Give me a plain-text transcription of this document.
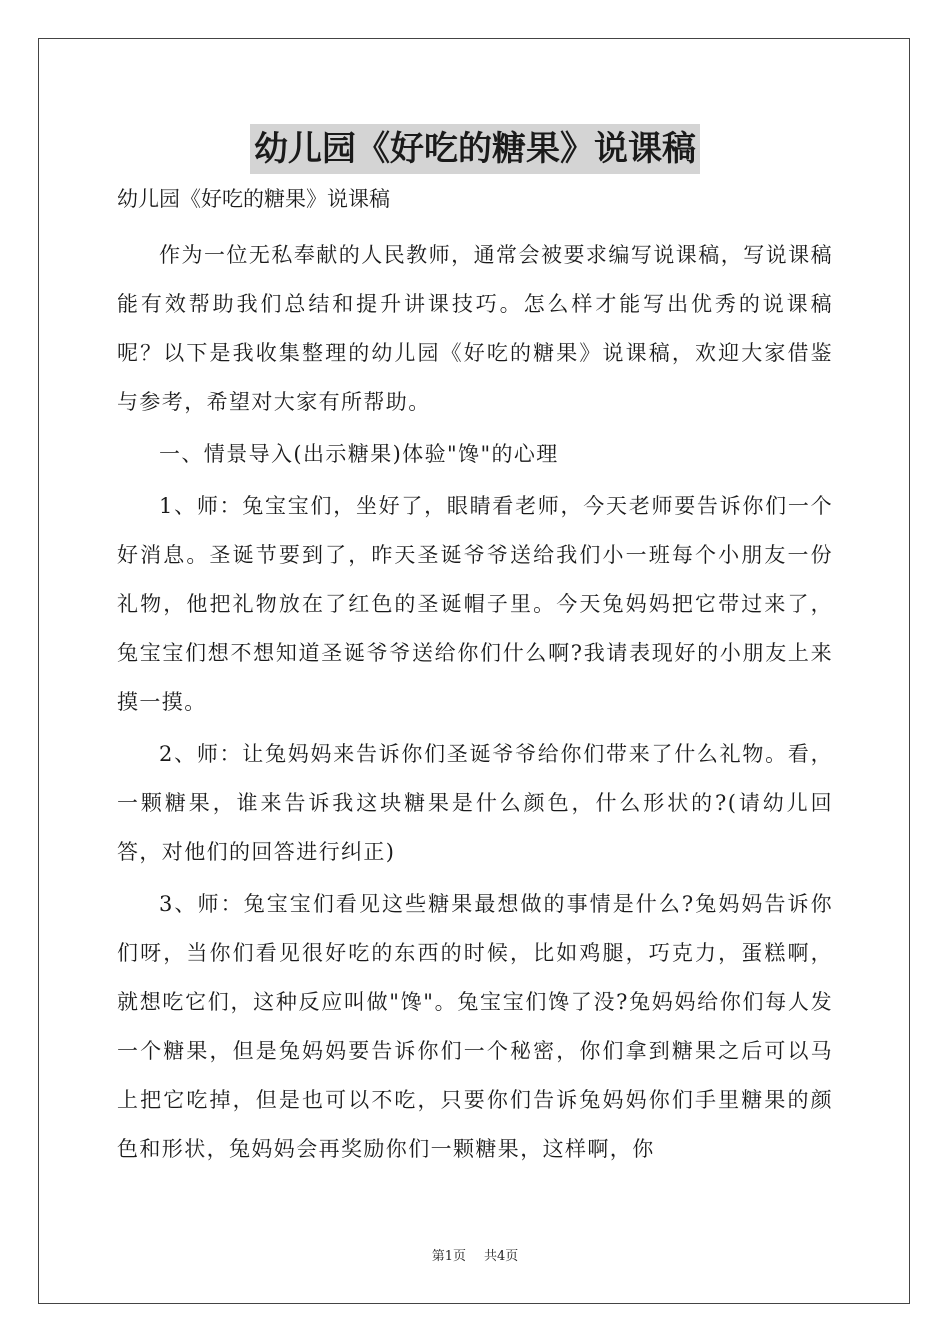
幼儿园《好吃的糖果》说课稿
幼儿园《好吃的糖果》说课稿

作为一位无私奉献的人民教师，通常会被要求编写说课稿，写说课稿能有效帮助我们总结和提升讲课技巧。怎么样才能写出优秀的说课稿呢？以下是我收集整理的幼儿园《好吃的糖果》说课稿，欢迎大家借鉴与参考，希望对大家有所帮助。

一、情景导入(出示糖果)体验"馋"的心理

1、师：兔宝宝们，坐好了，眼睛看老师，今天老师要告诉你们一个好消息。圣诞节要到了，昨天圣诞爷爷送给我们小一班每个小朋友一份礼物，他把礼物放在了红色的圣诞帽子里。今天兔妈妈把它带过来了，兔宝宝们想不想知道圣诞爷爷送给你们什么啊?我请表现好的小朋友上来摸一摸。

2、师：让兔妈妈来告诉你们圣诞爷爷给你们带来了什么礼物。看，一颗糖果，谁来告诉我这块糖果是什么颜色，什么形状的?(请幼儿回答，对他们的回答进行纠正)

3、师：兔宝宝们看见这些糖果最想做的事情是什么?兔妈妈告诉你们呀，当你们看见很好吃的东西的时候，比如鸡腿，巧克力，蛋糕啊，就想吃它们，这种反应叫做"馋"。兔宝宝们馋了没?兔妈妈给你们每人发一个糖果，但是兔妈妈要告诉你们一个秘密，你们拿到糖果之后可以马上把它吃掉，但是也可以不吃，只要你们告诉兔妈妈你们手里糖果的颜色和形状，兔妈妈会再奖励你们一颗糖果，这样啊，你

第1页 共4页
